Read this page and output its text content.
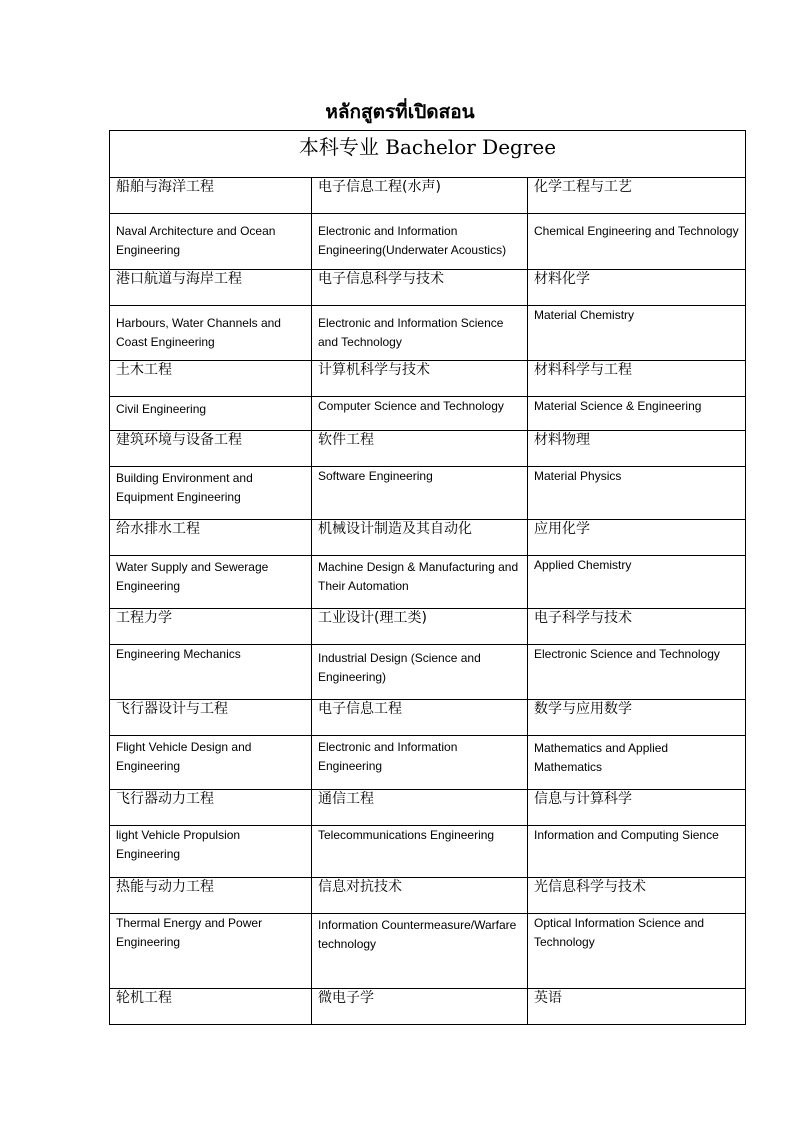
หลักสูตรที่เปิดสอน
本科专业 Bachelor Degree		
船舶与海洋工程	电子信息工程(水声)	化学工程与工艺

Naval Architecture and Ocean Engineering	Electronic and Information Engineering(Underwater Acoustics)	Chemical Engineering and Technology

港口航道与海岸工程	电子信息科学与技术	材料化学

Harbours, Water Channels and Coast Engineering	Electronic and Information Science and Technology	Material Chemistry

土木工程	计算机科学与技术	材料科学与工程

Civil Engineering	Computer Science and Technology	Material Science & Engineering

建筑环境与设备工程	软件工程	材料物理

Building Environment and Equipment Engineering	Software Engineering	Material Physics

给水排水工程	机械设计制造及其自动化	应用化学

Water Supply and Sewerage Engineering	Machine Design & Manufacturing and Their Automation	Applied Chemistry

工程力学	工业设计(理工类)	电子科学与技术

Engineering Mechanics	Industrial Design (Science and Engineering)	Electronic Science and Technology

飞行器设计与工程	电子信息工程	数学与应用数学

Flight Vehicle Design and Engineering	Electronic and Information Engineering	Mathematics and Applied Mathematics

飞行器动力工程	通信工程	信息与计算科学

light Vehicle Propulsion Engineering	Telecommunications Engineering	Information and Computing Sience

热能与动力工程	信息对抗技术	光信息科学与技术

Thermal Energy and Power Engineering	Information Countermeasure/Warfare technology	Optical Information Science and Technology

轮机工程	微电子学	英语
